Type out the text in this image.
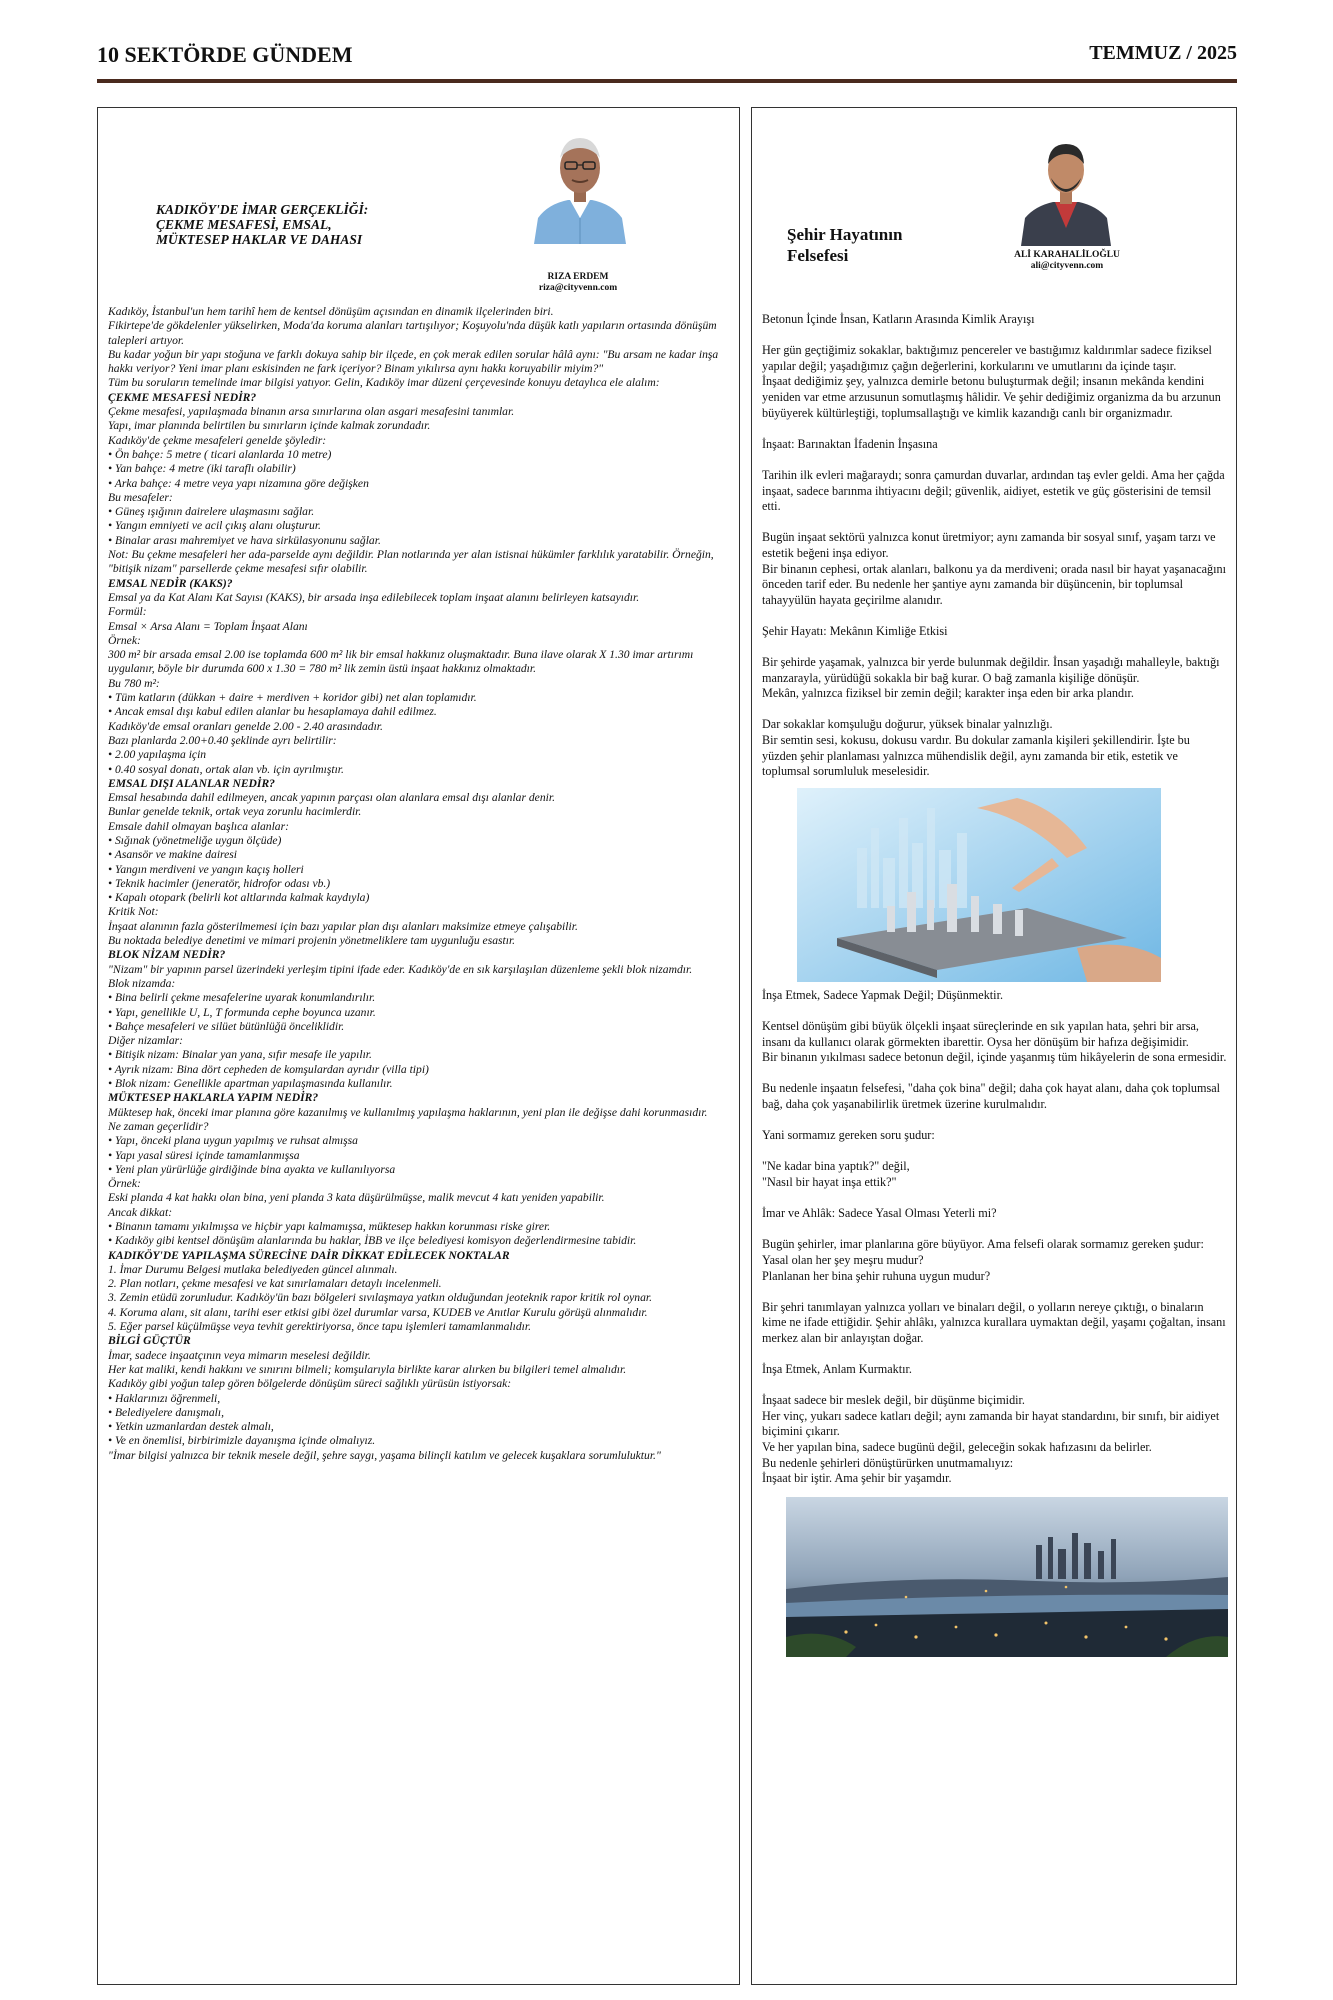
10 SEKTÖRDE GÜNDEM	TEMMUZ / 2025
KADIKÖY'DE İMAR GERÇEKLİĞİ:
ÇEKME MESAFESİ, EMSAL,
MÜKTESEP HAKLAR VE DAHASI
RIZA ERDEM
riza@cityvenn.com

Kadıköy, İstanbul'un hem tarihî hem de kentsel dönüşüm açısından en dinamik ilçelerinden biri.

Fikirtepe'de gökdelenler yükselirken, Moda'da koruma alanları tartışılıyor; Koşuyolu'nda düşük katlı yapıların ortasında dönüşüm talepleri artıyor.

Bu kadar yoğun bir yapı stoğuna ve farklı dokuya sahip bir ilçede, en çok merak edilen sorular hâlâ aynı: "Bu arsam ne kadar inşa hakkı veriyor? Yeni imar planı eskisinden ne fark içeriyor? Binam yıkılırsa aynı hakkı koruyabilir miyim?"

Tüm bu soruların temelinde imar bilgisi yatıyor. Gelin, Kadıköy imar düzeni çerçevesinde konuyu detaylıca ele alalım:

ÇEKME MESAFESİ NEDİR?

Çekme mesafesi, yapılaşmada binanın arsa sınırlarına olan asgari mesafesini tanımlar.

Yapı, imar planında belirtilen bu sınırların içinde kalmak zorundadır.

Kadıköy'de çekme mesafeleri genelde şöyledir:

• Ön bahçe: 5 metre ( ticari alanlarda 10 metre)

• Yan bahçe: 4 metre (iki taraflı olabilir)

• Arka bahçe: 4 metre veya yapı nizamına göre değişken

Bu mesafeler:

• Güneş ışığının dairelere ulaşmasını sağlar.

• Yangın emniyeti ve acil çıkış alanı oluşturur.

• Binalar arası mahremiyet ve hava sirkülasyonunu sağlar.

Not: Bu çekme mesafeleri her ada-parselde aynı değildir. Plan notlarında yer alan istisnai hükümler farklılık yaratabilir. Örneğin, "bitişik nizam" parsellerde çekme mesafesi sıfır olabilir.

EMSAL NEDİR (KAKS)?

Emsal ya da Kat Alanı Kat Sayısı (KAKS), bir arsada inşa edilebilecek toplam inşaat alanını belirleyen katsayıdır.

Formül:

Emsal × Arsa Alanı = Toplam İnşaat Alanı

Örnek:

300 m² bir arsada emsal 2.00 ise toplamda 600 m² lik bir emsal hakkınız oluşmaktadır. Buna ilave olarak X 1.30 imar artırımı uygulanır, böyle bir durumda 600 x 1.30 = 780 m² lik zemin üstü inşaat hakkınız olmaktadır.

Bu 780 m²:

• Tüm katların (dükkan + daire + merdiven + koridor gibi) net alan toplamıdır.

• Ancak emsal dışı kabul edilen alanlar bu hesaplamaya dahil edilmez.

Kadıköy'de emsal oranları genelde 2.00 - 2.40 arasındadır.

Bazı planlarda 2.00+0.40 şeklinde ayrı belirtilir:

• 2.00 yapılaşma için

• 0.40 sosyal donatı, ortak alan vb. için ayrılmıştır.

EMSAL DIŞI ALANLAR NEDİR?

Emsal hesabında dahil edilmeyen, ancak yapının parçası olan alanlara emsal dışı alanlar denir.

Bunlar genelde teknik, ortak veya zorunlu hacimlerdir.

Emsale dahil olmayan başlıca alanlar:

• Sığınak (yönetmeliğe uygun ölçüde)

• Asansör ve makine dairesi

• Yangın merdiveni ve yangın kaçış holleri

• Teknik hacimler (jeneratör, hidrofor odası vb.)

• Kapalı otopark (belirli kot altlarında kalmak kaydıyla)

Kritik Not:

İnşaat alanının fazla gösterilmemesi için bazı yapılar plan dışı alanları maksimize etmeye çalışabilir.

Bu noktada belediye denetimi ve mimari projenin yönetmeliklere tam uygunluğu esastır.

BLOK NİZAM NEDİR?

"Nizam" bir yapının parsel üzerindeki yerleşim tipini ifade eder. Kadıköy'de en sık karşılaşılan düzenleme şekli blok nizamdır.

Blok nizamda:

• Bina belirli çekme mesafelerine uyarak konumlandırılır.

• Yapı, genellikle U, L, T formunda cephe boyunca uzanır.

• Bahçe mesafeleri ve silüet bütünlüğü önceliklidir.

Diğer nizamlar:

• Bitişik nizam: Binalar yan yana, sıfır mesafe ile yapılır.

• Ayrık nizam: Bina dört cepheden de komşulardan ayrıdır (villa tipi)

• Blok nizam: Genellikle apartman yapılaşmasında kullanılır.

MÜKTESEP HAKLARLA YAPIM NEDİR?

Müktesep hak, önceki imar planına göre kazanılmış ve kullanılmış yapılaşma haklarının, yeni plan ile değişse dahi korunmasıdır.

Ne zaman geçerlidir?

• Yapı, önceki plana uygun yapılmış ve ruhsat almışsa

• Yapı yasal süresi içinde tamamlanmışsa

• Yeni plan yürürlüğe girdiğinde bina ayakta ve kullanılıyorsa

Örnek:

Eski planda 4 kat hakkı olan bina, yeni planda 3 kata düşürülmüşse, malik mevcut 4 katı yeniden yapabilir.

Ancak dikkat:

• Binanın tamamı yıkılmışsa ve hiçbir yapı kalmamışsa, müktesep hakkın korunması riske girer.

• Kadıköy gibi kentsel dönüşüm alanlarında bu haklar, İBB ve ilçe belediyesi komisyon değerlendirmesine tabidir.

KADIKÖY'DE YAPILAŞMA SÜRECİNE DAİR DİKKAT EDİLECEK NOKTALAR

1. İmar Durumu Belgesi mutlaka belediyeden güncel alınmalı.

2. Plan notları, çekme mesafesi ve kat sınırlamaları detaylı incelenmeli.

3. Zemin etüdü zorunludur. Kadıköy'ün bazı bölgeleri sıvılaşmaya yatkın olduğundan jeoteknik rapor kritik rol oynar.

4. Koruma alanı, sit alanı, tarihi eser etkisi gibi özel durumlar varsa, KUDEB ve Anıtlar Kurulu görüşü alınmalıdır.

5. Eğer parsel küçülmüşse veya tevhit gerektiriyorsa, önce tapu işlemleri tamamlanmalıdır.

BİLGİ GÜÇTÜR

İmar, sadece inşaatçının veya mimarın meselesi değildir.

Her kat maliki, kendi hakkını ve sınırını bilmeli; komşularıyla birlikte karar alırken bu bilgileri temel almalıdır.

Kadıköy gibi yoğun talep gören bölgelerde dönüşüm süreci sağlıklı yürüsün istiyorsak:

• Haklarınızı öğrenmeli,

• Belediyelere danışmalı,

• Yetkin uzmanlardan destek almalı,

• Ve en önemlisi, birbirimizle dayanışma içinde olmalıyız.

"İmar bilgisi yalnızca bir teknik mesele değil, şehre saygı, yaşama bilinçli katılım ve gelecek kuşaklara sorumluluktur."

Şehir Hayatının
Felsefesi	ALİ KARAHALİLOĞLU
ali@cityvenn.com

Betonun İçinde İnsan, Katların Arasında Kimlik Arayışı

Her gün geçtiğimiz sokaklar, baktığımız pencereler ve bastığımız kaldırımlar sadece fiziksel yapılar değil; yaşadığımız çağın değerlerini, korkularını ve umutlarını da içinde taşır.

İnşaat dediğimiz şey, yalnızca demirle betonu buluşturmak değil; insanın mekânda kendini yeniden var etme arzusunun somutlaşmış hâlidir. Ve şehir dediğimiz organizma da bu arzunun büyüyerek kültürleştiği, toplumsallaştığı ve kimlik kazandığı canlı bir organizmadır.

İnşaat: Barınaktan İfadenin İnşasına

Tarihin ilk evleri mağaraydı; sonra çamurdan duvarlar, ardından taş evler geldi. Ama her çağda inşaat, sadece barınma ihtiyacını değil; güvenlik, aidiyet, estetik ve güç gösterisini de temsil etti.

Bugün inşaat sektörü yalnızca konut üretmiyor; aynı zamanda bir sosyal sınıf, yaşam tarzı ve estetik beğeni inşa ediyor.

Bir binanın cephesi, ortak alanları, balkonu ya da merdiveni; orada nasıl bir hayat yaşanacağını önceden tarif eder. Bu nedenle her şantiye aynı zamanda bir düşüncenin, bir toplumsal tahayyülün hayata geçirilme alanıdır.

Şehir Hayatı: Mekânın Kimliğe Etkisi

Bir şehirde yaşamak, yalnızca bir yerde bulunmak değildir. İnsan yaşadığı mahalleyle, baktığı manzarayla, yürüdüğü sokakla bir bağ kurar. O bağ zamanla kişiliğe dönüşür.

Mekân, yalnızca fiziksel bir zemin değil; karakter inşa eden bir arka plandır.

Dar sokaklar komşuluğu doğurur, yüksek binalar yalnızlığı.

Bir semtin sesi, kokusu, dokusu vardır. Bu dokular zamanla kişileri şekillendirir. İşte bu yüzden şehir planlaması yalnızca mühendislik değil, aynı zamanda bir etik, estetik ve toplumsal sorumluluk meselesidir.

İnşa Etmek, Sadece Yapmak Değil; Düşünmektir.

Kentsel dönüşüm gibi büyük ölçekli inşaat süreçlerinde en sık yapılan hata, şehri bir arsa, insanı da kullanıcı olarak görmekten ibarettir. Oysa her dönüşüm bir hafıza değişimidir.

Bir binanın yıkılması sadece betonun değil, içinde yaşanmış tüm hikâyelerin de sona ermesidir.

Bu nedenle inşaatın felsefesi, "daha çok bina" değil; daha çok hayat alanı, daha çok toplumsal bağ, daha çok yaşanabilirlik üretmek üzerine kurulmalıdır.

Yani sormamız gereken soru şudur:

"Ne kadar bina yaptık?" değil,

"Nasıl bir hayat inşa ettik?"

İmar ve Ahlâk: Sadece Yasal Olması Yeterli mi?

Bugün şehirler, imar planlarına göre büyüyor. Ama felsefi olarak sormamız gereken şudur:

Yasal olan her şey meşru mudur?

Planlanan her bina şehir ruhuna uygun mudur?

Bir şehri tanımlayan yalnızca yolları ve binaları değil, o yolların nereye çıktığı, o binaların kime ne ifade ettiğidir. Şehir ahlâkı, yalnızca kurallara uymaktan değil, yaşamı çoğaltan, insanı merkez alan bir anlayıştan doğar.

İnşa Etmek, Anlam Kurmaktır.

İnşaat sadece bir meslek değil, bir düşünme biçimidir.

Her vinç, yukarı sadece katları değil; aynı zamanda bir hayat standardını, bir sınıfı, bir aidiyet biçimini çıkarır.

Ve her yapılan bina, sadece bugünü değil, geleceğin sokak hafızasını da belirler.

Bu nedenle şehirleri dönüştürürken unutmamalıyız:

İnşaat bir iştir. Ama şehir bir yaşamdır.
